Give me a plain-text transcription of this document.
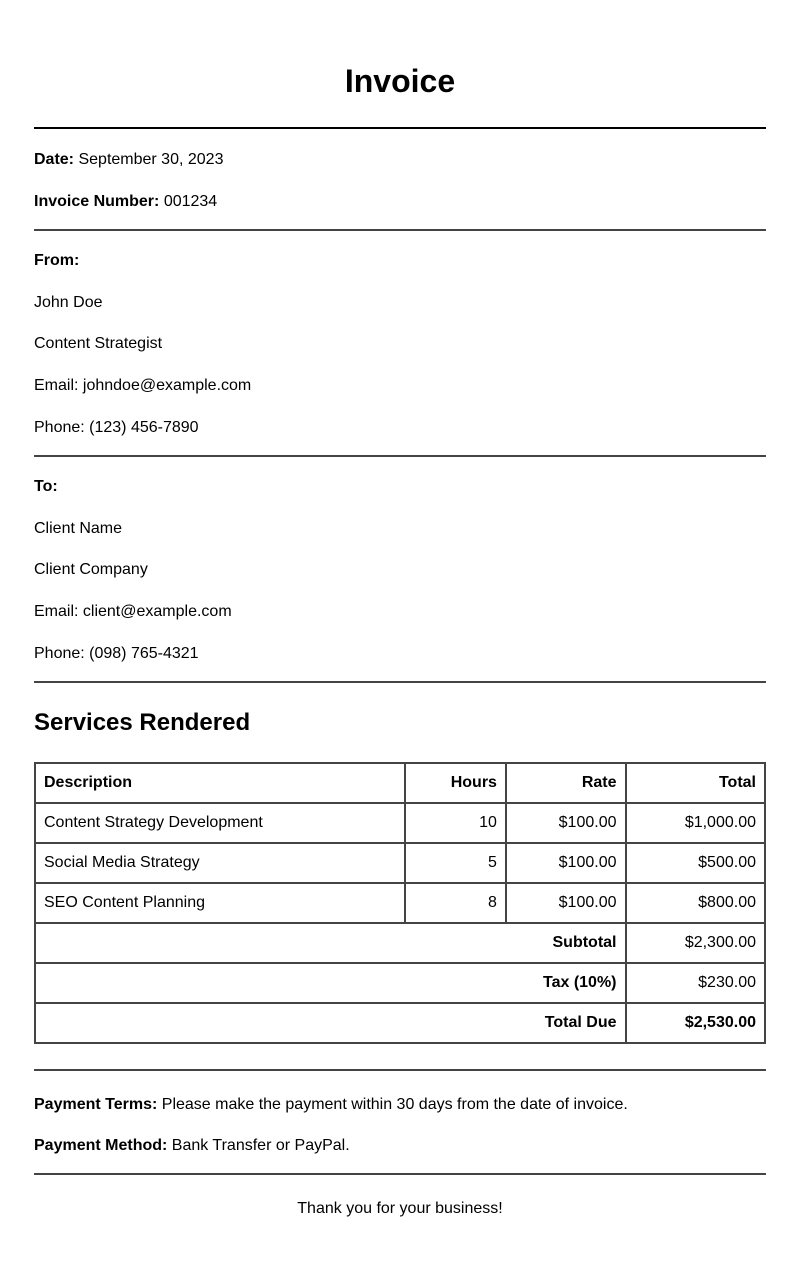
Invoice
Date: September 30, 2023
Invoice Number: 001234
From:
John Doe
Content Strategist
Email: johndoe@example.com
Phone: (123) 456-7890
To:
Client Name
Client Company
Email: client@example.com
Phone: (098) 765-4321
Services Rendered
Description	Hours	Rate	Total
Content Strategy Development	10	$100.00	$1,000.00
Social Media Strategy	5	$100.00	$500.00
SEO Content Planning	8	$100.00	$800.00
Subtotal			$2,300.00
Tax (10%)			$230.00
Total Due			$2,530.00
Payment Terms: Please make the payment within 30 days from the date of invoice.
Payment Method: Bank Transfer or PayPal.
Thank you for your business!
